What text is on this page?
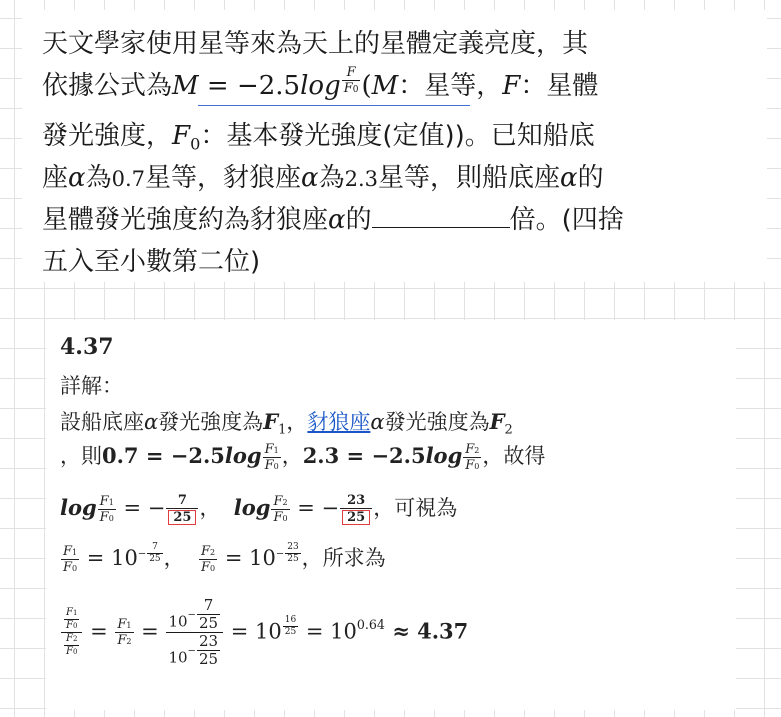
天文學家使用星等來為天上的星體定義亮度，其
依據公式為$M = -2.5\log \frac{F}{F0} (M$：星等，F：星體
發光強度，$F_0$：基本發光強度(定值))。已知船底
座α為0.7星等，豺狼座α為2.3星等，則船底座α的
星體發光強度約為豺狼座α的	倍。(四捨
五入至小數第二位)
4.37
詳解：
設船底座α發光強度為$F_1$，豺狼座α發光強度為$F_2$
，則$0.7 = -2.5\log \frac{F1}{F0}$ ，$2.3 = -2.5\log \frac{F2}{F0}$ ，故得
$\log \frac{F1}{F0}$ = − $\frac{7}{25}$ ， $\log \frac{F2}{F0}$ = − $\frac{23}{25}$ ，可視為
$\frac{F1}{F0} = 10- \frac{7}{25}$ ， $\frac{F2}{F0} = 10- \frac{23}{25}$ ，所求為
$\frac{\frac{F1}{F0}}{\frac{F2}{F0}} = \frac{F1}{F2} = \frac{10- \frac{7}{25}}{10- \frac{23}{25}} = 10 \frac{16}{25} = 10^{0.64} \approx 4.37$
